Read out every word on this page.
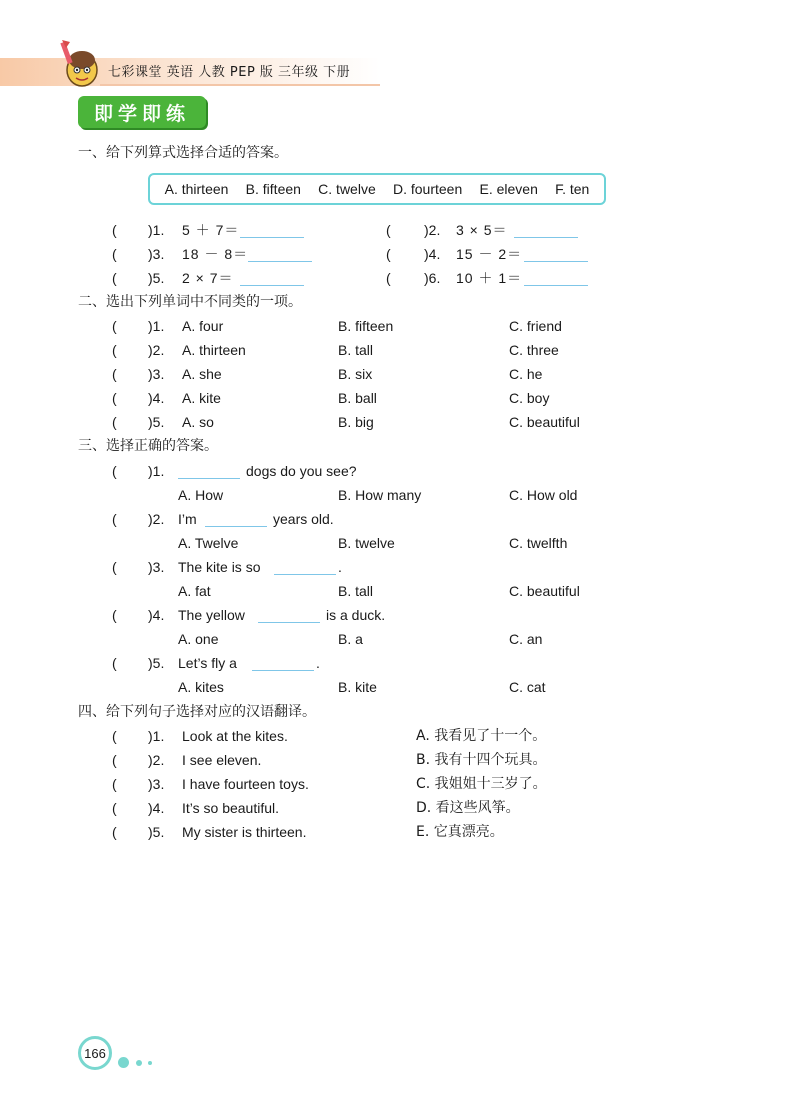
七彩课堂 英语 人教 PEP 版 三年级 下册
即学即练
一、给下列算式选择合适的答案。
A. thirteen B. fifteen C. twelve D. fourteen E. eleven F. ten
( )1. 5 ＋ 7＝	( )2. 3 × 5＝
( )3. 18 － 8＝	( )4. 15 － 2＝
( )5. 2 × 7＝	( )6. 10 ＋ 1＝
二、选出下列单词中不同类的一项。
( )1. A. four	B. fifteen	C. friend
( )2. A. thirteen	B. tall	C. three
( )3. A. she	B. six	C. he
( )4. A. kite	B. ball	C. boy
( )5. A. so	B. big	C. beautiful
三、选择正确的答案。
( )1.	dogs do you see?
A. How	B. How many	C. How old
( )2. I’m	years old.
A. Twelve	B. twelve	C. twelfth
( )3. The kite is so	.
A. fat	B. tall	C. beautiful
( )4. The yellow	is a duck.
A. one	B. a	C. an
( )5. Let’s fly a	.
A. kites	B. kite	C. cat
四、给下列句子选择对应的汉语翻译。
( )1. Look at the kites.	A. 我看见了十一个。
( )2. I see eleven.	B. 我有十四个玩具。
( )3. I have fourteen toys.	C. 我姐姐十三岁了。
( )4. It’s so beautiful.	D. 看这些风筝。
( )5. My sister is thirteen.	E. 它真漂亮。
166
